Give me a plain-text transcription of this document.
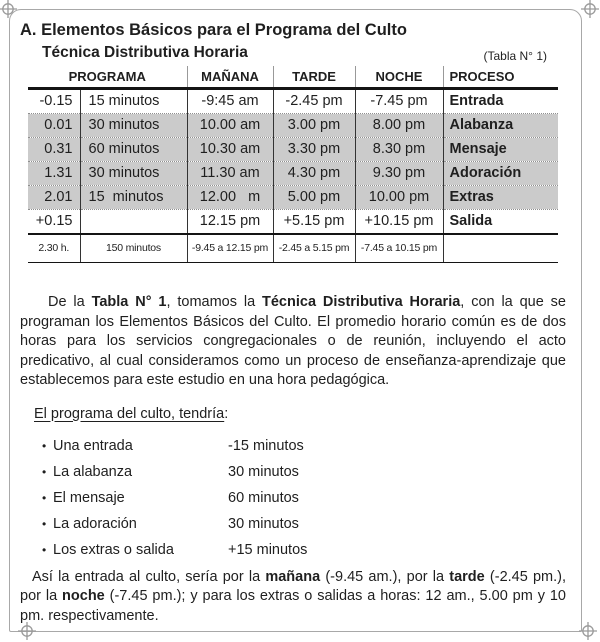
A. Elementos Básicos para el Programa del Culto
Técnica Distributiva Horaria	(Tabla N° 1)
PROGRAMA		MAÑANA	TARDE	NOCHE	PROCESO
-0.15	15 minutos	-9:45 am	-2.45 pm	-7.45 pm	Entrada
0.01	30 minutos	10.00 am	3.00 pm	8.00 pm	Alabanza
0.31	60 minutos	10.30 am	3.30 pm	8.30 pm	Mensaje
1.31	30 minutos	11.30 am	4.30 pm	9.30 pm	Adoración
2.01	15  minutos	12.00   m	5.00 pm	10.00 pm	Extras
+0.15		12.15 pm	+5.15 pm	+10.15 pm	Salida
2.30 h.	150 minutos	-9.45 a 12.15 pm	-2.45 a 5.15 pm	-7.45 a 10.15 pm	

De la Tabla N° 1, tomamos la Técnica Distributiva Horaria, con la que se programan los Elementos Básicos del Culto. El promedio horario común es de dos horas para los servicios congregacionales o de reunión, incluyendo el acto predicativo, al cual consideramos como un proceso de enseñanza-aprendizaje que establecemos para este estudio en una hora pedagógica.

El programa del culto, tendría:
• Una entrada	-15 minutos
• La alabanza	30 minutos
• El mensaje	60 minutos
• La adoración	30 minutos
• Los extras o salida	+15 minutos

Así la entrada al culto, sería por la mañana (-9.45 am.), por la tarde (-2.45 pm.), por la noche (-7.45 pm.); y para los extras o salidas a horas: 12 am., 5.00 pm y 10 pm. respectivamente.
